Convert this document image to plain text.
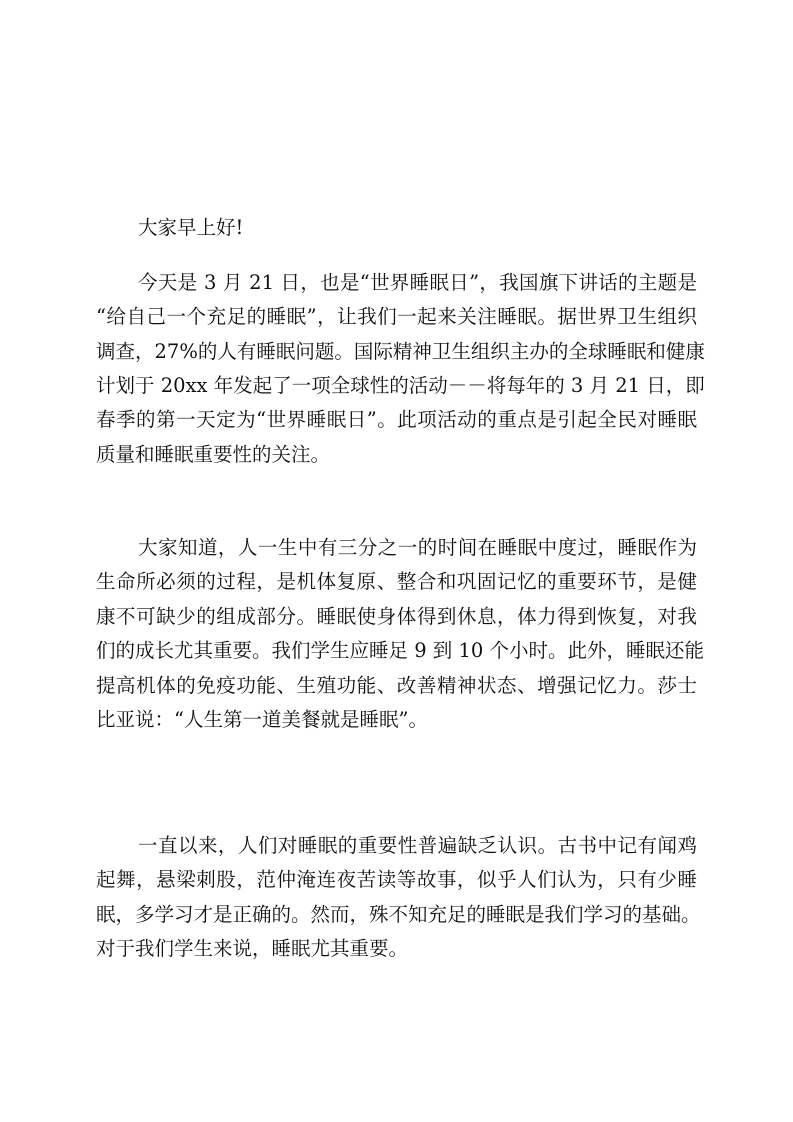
大家早上好!
今天是 3 月 21 日，也是“世界睡眠日”，我国旗下讲话的主题是
“给自己一个充足的睡眠”，让我们一起来关注睡眠。据世界卫生组织
调查，27%的人有睡眠问题。国际精神卫生组织主办的全球睡眠和健康
计划于 20xx 年发起了一项全球性的活动－－将每年的 3 月 21 日，即
春季的第一天定为“世界睡眠日”。此项活动的重点是引起全民对睡眠
质量和睡眠重要性的关注。
大家知道，人一生中有三分之一的时间在睡眠中度过，睡眠作为
生命所必须的过程，是机体复原、整合和巩固记忆的重要环节，是健
康不可缺少的组成部分。睡眠使身体得到休息，体力得到恢复，对我
们的成长尤其重要。我们学生应睡足 9 到 10 个小时。此外，睡眠还能
提高机体的免疫功能、生殖功能、改善精神状态、增强记忆力。莎士
比亚说：“人生第一道美餐就是睡眠”。
一直以来，人们对睡眠的重要性普遍缺乏认识。古书中记有闻鸡
起舞，悬梁刺股，范仲淹连夜苦读等故事，似乎人们认为，只有少睡
眠，多学习才是正确的。然而，殊不知充足的睡眠是我们学习的基础。
对于我们学生来说，睡眠尤其重要。
